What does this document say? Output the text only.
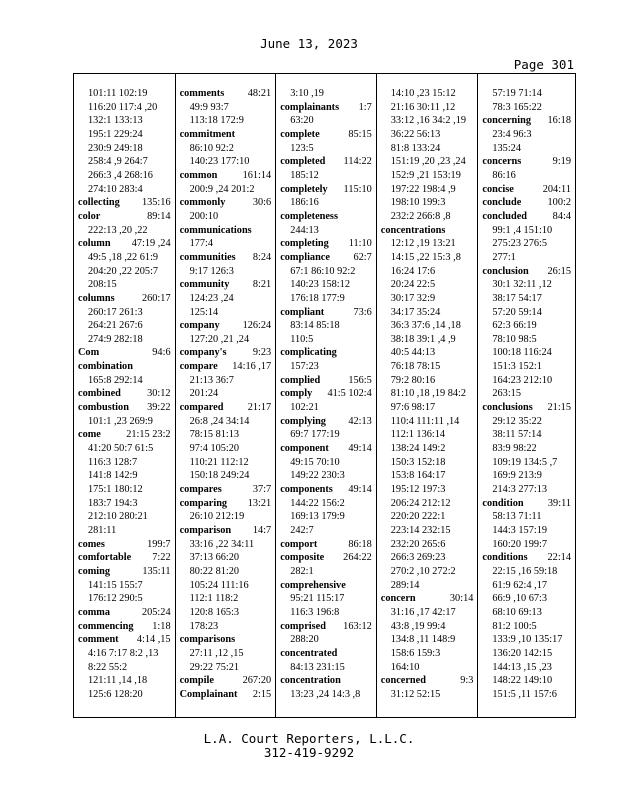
June 13, 2023
Page 301
101:11 102:19
116:20 117:4 ,20
132:1 133:13
195:1 229:24
230:9 249:18
258:4 ,9 264:7
266:3 ,4 268:16
274:10 283:4
collecting 135:16
color	89:14
222:13 ,20 ,22
column 47:19 ,24
49:5 ,18 ,22 61:9
204:20 ,22 205:7
208:15
columns	260:17
260:17 261:3
264:21 267:6
274:9 282:18
Com	94:6
combination
165:8 292:14
combined	30:12
combustion 39:22
101:1 ,23 269:9
come 21:15 23:2
41:20 50:7 61:5
116:3 128:7
141:8 142:9
175:1 180:12
183:7 194:3
212:10 280:21
281:11
comes	199:7
comfortable 7:22
coming	135:11
141:15 155:7
176:12 290:5
comma	205:24
commencing 1:18
comment 4:14 ,15
4:16 7:17 8:2 ,13
8:22 55:2
121:11 ,14 ,18
125:6 128:20
comments 48:21
49:9 93:7
113:18 172:9
commitment
86:10 92:2
140:23 177:10
common 161:14
200:9 ,24 201:2
commonly	30:6
200:10
communications
177:4
communities 8:24
9:17 126:3
community 8:21
124:23 ,24
125:14
company 126:24
127:20 ,21 ,24
company's	9:23
compare 14:16 ,17
21:13 36:7
201:24
compared 21:17
26:8 ,24 34:14
78:15 81:13
97:4 105:20
110:21 112:12
150:18 249:24
compares	37:7
comparing 13:21
26:10 212:19
comparison 14:7
33:16 ,22 34:11
37:13 66:20
80:22 81:20
105:24 111:16
112:1 118:2
120:8 165:3
178:23
comparisons
27:11 ,12 ,15
29:22 75:21
compile	267:20
Complainant 2:15
3:10 ,19
complainants 1:7
63:20
complete	85:15
123:5
completed 114:22
185:12
completely 115:10
186:16
completeness
244:13
completing 11:10
compliance 62:7
67:1 86:10 92:2
140:23 158:12
176:18 177:9
compliant	73:6
83:14 85:18
110:5
complicating
157:23
complied	156:5
comply 41:5 102:4
102:21
complying 42:13
69:7 177:19
component 49:14
49:15 70:10
149:22 230:3
components 49:14
144:22 156:2
169:13 179:9
242:7
comport	86:18
composite 264:22
282:1
comprehensive
95:21 115:17
116:3 196:8
comprised 163:12
288:20
concentrated
84:13 231:15
concentration
13:23 ,24 14:3 ,8
14:10 ,23 15:12
21:16 30:11 ,12
33:12 ,16 34:2 ,19
36:22 56:13
81:8 133:24
151:19 ,20 ,23 ,24
152:9 ,21 153:19
197:22 198:4 ,9
198:10 199:3
232:2 266:8 ,8
concentrations
12:12 ,19 13:21
14:15 ,22 15:3 ,8
16:24 17:6
20:24 22:5
30:17 32:9
34:17 35:24
36:3 37:6 ,14 ,18
38:18 39:1 ,4 ,9
40:5 44:13
76:18 78:15
79:2 80:16
81:10 ,18 ,19 84:2
97:6 98:17
110:4 111:11 ,14
112:1 136:14
138:24 149:2
150:3 152:18
153:8 164:17
195:12 197:3
206:24 212:12
220:20 222:1
223:14 232:15
232:20 265:6
266:3 269:23
270:2 ,10 272:2
289:14
concern	30:14
31:16 ,17 42:17
43:8 ,19 99:4
134:8 ,11 148:9
158:6 159:3
164:10
concerned	9:3
31:12 52:15
57:19 71:14
78:3 165:22
concerning 16:18
23:4 96:3
135:24
concerns	9:19
86:16
concise	204:11
conclude	100:2
concluded 84:4
99:1 ,4 151:10
275:23 276:5
277:1
conclusion 26:15
30:1 32:11 ,12
38:17 54:17
57:20 59:14
62:3 66:19
78:10 98:5
100:18 116:24
151:3 152:1
164:23 212:10
263:15
conclusions 21:15
29:12 35:22
38:11 57:14
83:9 98:22
109:19 134:5 ,7
169:9 213:9
214:3 277:13
condition 39:11
58:13 71:11
144:3 157:19
160:20 199:7
conditions 22:14
22:15 ,16 59:18
61:9 62:4 ,17
66:9 ,10 67:3
68:10 69:13
81:2 100:5
133:9 ,10 135:17
136:20 142:15
144:13 ,15 ,23
148:22 149:10
151:5 ,11 157:6
L.A. Court Reporters, L.L.C.
312-419-9292
